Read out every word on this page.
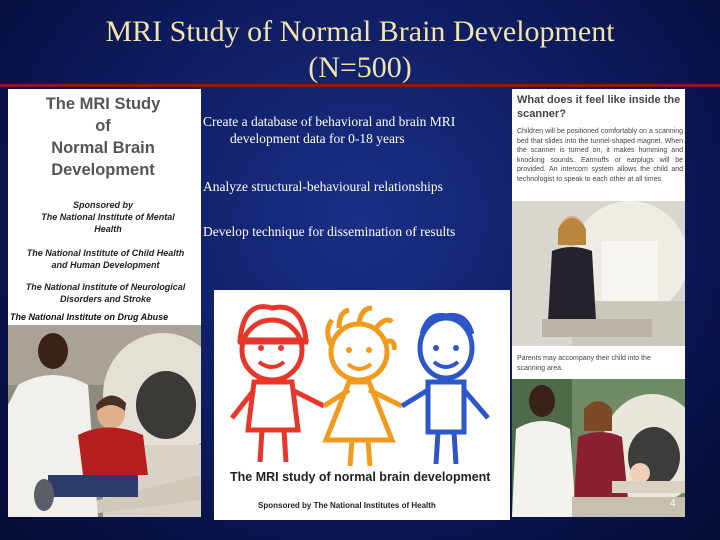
MRI Study of Normal Brain Development
(N=500)
The MRI Study
of
Normal Brain
Development
Sponsored by
The National Institute of Mental Health
The National Institute of Child Health and Human Development
The National Institute of Neurological Disorders and Stroke
The National Institute on Drug Abuse
Create a database of behavioral and brain MRI
development data for 0-18 years
Analyze structural-behavioural relationships
Develop technique for dissemination of results
The MRI study of normal brain development
Sponsored by The National Institutes of Health
What does it feel like inside the scanner?
Children will be positioned comfortably on a scanning bed that slides into the tunnel-shaped magnet. When the scanner is turned on, it makes humming and knocking sounds. Earmuffs or earplugs will be provided. An intercom system allows the child and technologist to speak to each other at all times.
Parents may accompany their child into the scanning area.
4
